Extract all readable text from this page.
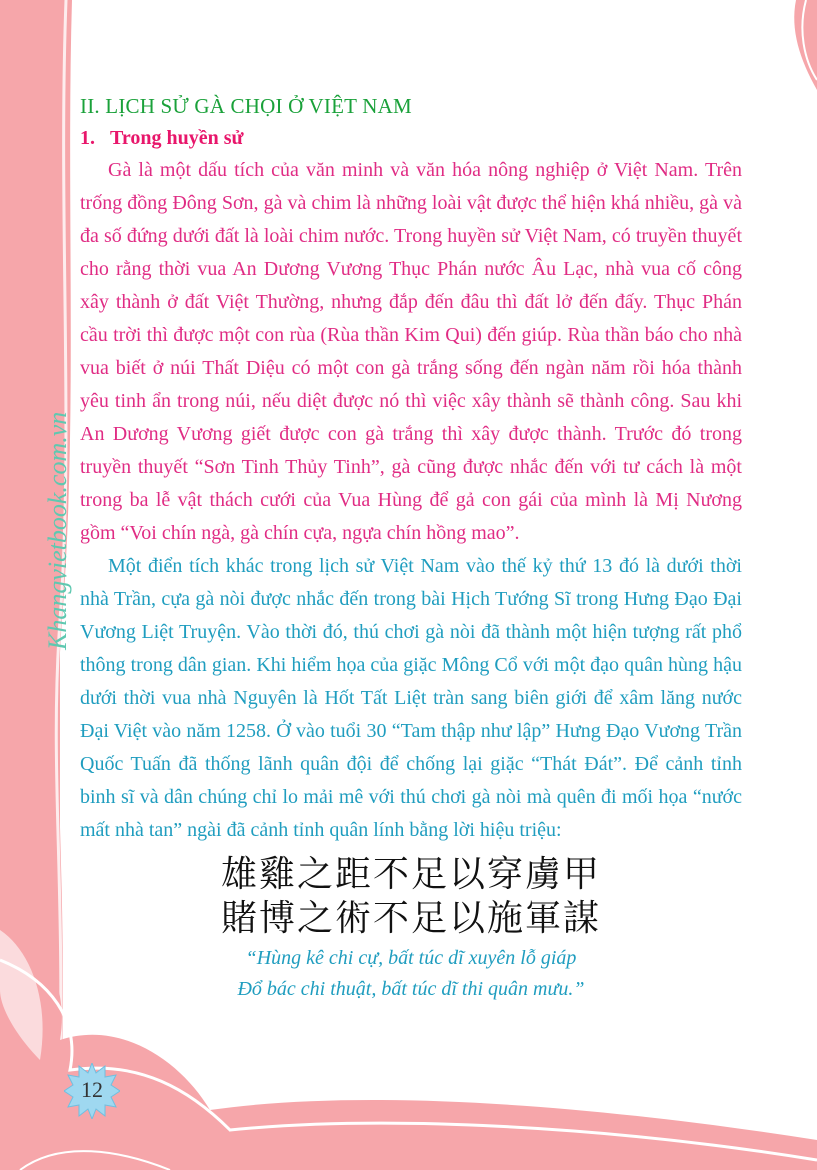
Khangvietbook.com.vn
12
II. LỊCH SỬ GÀ CHỌI Ở VIỆT NAM
1. Trong huyền sử

Gà là một dấu tích của văn minh và văn hóa nông nghiệp ở Việt Nam. Trên trống đồng Đông Sơn, gà và chim là những loài vật được thể hiện khá nhiều, gà và đa số đứng dưới đất là loài chim nước. Trong huyền sử Việt Nam, có truyền thuyết cho rằng thời vua An Dương Vương Thục Phán nước Âu Lạc, nhà vua cố công xây thành ở đất Việt Thường, nhưng đắp đến đâu thì đất lở đến đấy. Thục Phán cầu trời thì được một con rùa (Rùa thần Kim Qui) đến giúp. Rùa thần báo cho nhà vua biết ở núi Thất Diệu có một con gà trắng sống đến ngàn năm rồi hóa thành yêu tinh ẩn trong núi, nếu diệt được nó thì việc xây thành sẽ thành công. Sau khi An Dương Vương giết được con gà trắng thì xây được thành. Trước đó trong truyền thuyết “Sơn Tinh Thủy Tinh”, gà cũng được nhắc đến với tư cách là một trong ba lễ vật thách cưới của Vua Hùng để gả con gái của mình là Mị Nương gồm “Voi chín ngà, gà chín cựa, ngựa chín hồng mao”.

Một điển tích khác trong lịch sử Việt Nam vào thế kỷ thứ 13 đó là dưới thời nhà Trần, cựa gà nòi được nhắc đến trong bài Hịch Tướng Sĩ trong Hưng Đạo Đại Vương Liệt Truyện. Vào thời đó, thú chơi gà nòi đã thành một hiện tượng rất phổ thông trong dân gian. Khi hiểm họa của giặc Mông Cổ với một đạo quân hùng hậu dưới thời vua nhà Nguyên là Hốt Tất Liệt tràn sang biên giới để xâm lăng nước Đại Việt vào năm 1258. Ở vào tuổi 30 “Tam thập như lập” Hưng Đạo Vương Trần Quốc Tuấn đã thống lãnh quân đội để chống lại giặc “Thát Đát”. Để cảnh tỉnh binh sĩ và dân chúng chỉ lo mải mê với thú chơi gà nòi mà quên đi mối họa “nước mất nhà tan” ngài đã cảnh tỉnh quân lính bằng lời hiệu triệu:

雄雞之距不足以穿虜甲
賭博之術不足以施軍謀

“Hùng kê chi cự, bất túc dĩ xuyên lỗ giáp

Đổ bác chi thuật, bất túc dĩ thi quân mưu.”
